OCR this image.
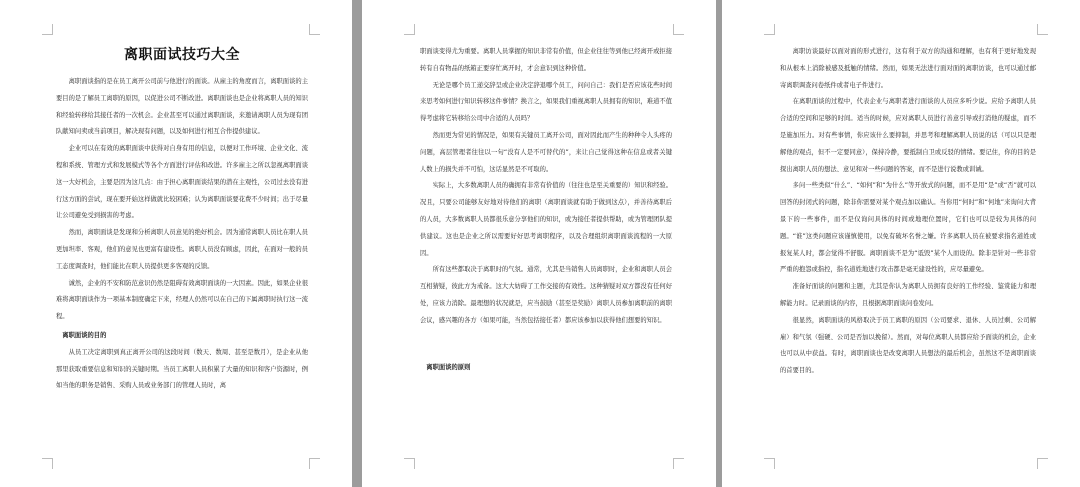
离职面试技巧大全

离职面谈指的是在员工离开公司前与他进行的面谈。从雇主的角度而言，离职面谈的主要目的是了解员工离职的原因，以促进公司不断改进。离职面谈也是企业将离职人员的知识和经验转移给其接任者的一次机会。企业甚至可以通过离职面谈，来邀请离职人员为现有团队献知问卖或当前项目，解决现有问题，以及如何进行相互合作提供建议。

企业可以在有效的离职面谈中获得对自身有用的信息，以便对工作环境、企业文化、流程和系统、管理方式和发展模式等各个方面进行评估和改进。许多雇主之所以忽视离职面谈这一大好机会，主要是因为这几点：由于担心离职面谈结果的潜在主观性，公司过去没有进行这方面的尝试，现在要开始这样做就比较困难；认为离职面谈要花费不少时间；出于尽量让公司避免受到损害的考虑。

然而，离职面谈是发现和分析离职人员意见的绝好机会。因为通常离职人员比在职人员更加坦率、客观，他们的意见也更富有建设性。离职人员没有顾虑，因此，在面对一般的员工态度调查时，他们能比在职人员提供更多客观的反馈。

诚然，企业的不安和防范意识仍然是阻碍有效离职面谈的一大因素。因此，如果企业很难将离职面谈作为一项基本制度确定下来，经理人仍然可以在自己的下属离职时执行这一流程。

离职面谈的目的

从员工决定离职到真正离开公司的这段时间（数天、数周、甚至是数月），是企业从他那里获取重要信息和知识的关键时期。当员工离职人员积累了大量的知识和客户资源时，例如当他的职务是销售、采购人员或业务部门的管理人员时，离

职面谈变得尤为重要。离职人员掌握的知识非常有价值，但企业往往等到他已经离开或拒接转有自有物品的纸箱正要穿忙离开时，才会意识到这种价值。

无论是哪个员工递交辞呈或企业决定辞退哪个员工，问问自己：我们是否应该花些时间来思考如何进行知识转移这件事情？换言之，如果我们重视离职人员拥有的知识，难道不值得考虑将它转移给公司中合适的人员吗？

然而更为常见的情况是，如果有关键员工离开公司，面对因此而产生的种种令人头疼的问题，高层管理者往往以一句“没有人是不可替代的”，来让自己觉得这种在信息或者关键人数上的损失并不可怕，这话显然是不可取的。

实际上，大多数离职人员的确拥有非常有价值的（往往也是至关重要的）知识和经验。况且，只要公司能够友好地对待他们的离职（离职面谈就有助于做到这点），并善待离职后的人员，大多数离职人员都很乐意分享他们的知识，或为接任者提供帮助，或为管理团队提供建议。这也是企业之所以需要好好思考离职程序，以及合理组织离职面谈流程的一大原因。

所有这些都取决于离职时的气氛。通常，尤其是当销售人员离职时，企业和离职人员会互相猜疑，彼此方为戒备。这大大妨碍了工作交接的有效性。这种猜疑对双方都没有任何好处，应该力消除。最理想的状况就是，应当鼓励（甚至是奖励）离职人员参加离职前的离职会议，感兴趣的各方（如果可能，当然包括接任者）都应该参加以获得他们想要的知识。

离职面谈的原则

离职访谈最好以面对面的形式进行，这有利于双方的沟通和理解，也有利于更好地发现和从根本上消除被感及抵触的情绪。然而，如果无法进行面对面的离职访谈，也可以通过邮寄离职调查问卷纸件或者电子件进行。

在离职面谈的过程中，代表企业与离职者进行面谈的人员应多听少说。应给予离职人员合适的空间和足够的时间。适当的时候，应对离职人员进行善意引导或打消他的疑虑，而不是施加压力。对有些事情，你应该什么要抑制，并思考和理解离职人员说的话（可以只是理解他的观点，但不一定要同意），保持冷静，要抵制自卫或反驳的情绪。要记住，你的目的是探出离职人员的想法、意见和对一些问题的答案，而不是进行说教或训诫。

多问一些类似“什么”、“如何”和“为什么”等开放式的问题，而不是用“是”或“否”就可以回答的封闭式的问题，除非你需要对某个观点加以确认。当你用“何时”和“何地”来询问大背景下的一些事件，而不是仅询问具体的时间或地理位置时，它们也可以是较为具体的问题。“谁”这类问题应该谨慎使用，以免有破坏名誉之嫌。许多离职人员在被要求指名道姓或报复某人时，都会觉得不舒服。离职面谈不是为“诋毁”某个人而设的。除非是针对一些非常严重的抱怨或指控，指名道姓地进行攻击都是毫无建设性的，应尽量避免。

准备好面谈的问题和主题，尤其是你认为离职人员拥有良好的工作经验、鉴赏能力和理解能力时。记录面谈的内容，且根据离职面谈问卷发问。

很显然，离职面谈的风格取决于员工离职的原因（公司要求、退休、人员过剩、公司解雇）和气氛（强硬、公司是否加以挽留）。然而，对每位离职人员都应给予面谈的机会，企业也可以从中获益。有时，离职面谈也是改变离职人员想法的最后机会，虽然这不是离职面谈的首要目的。
